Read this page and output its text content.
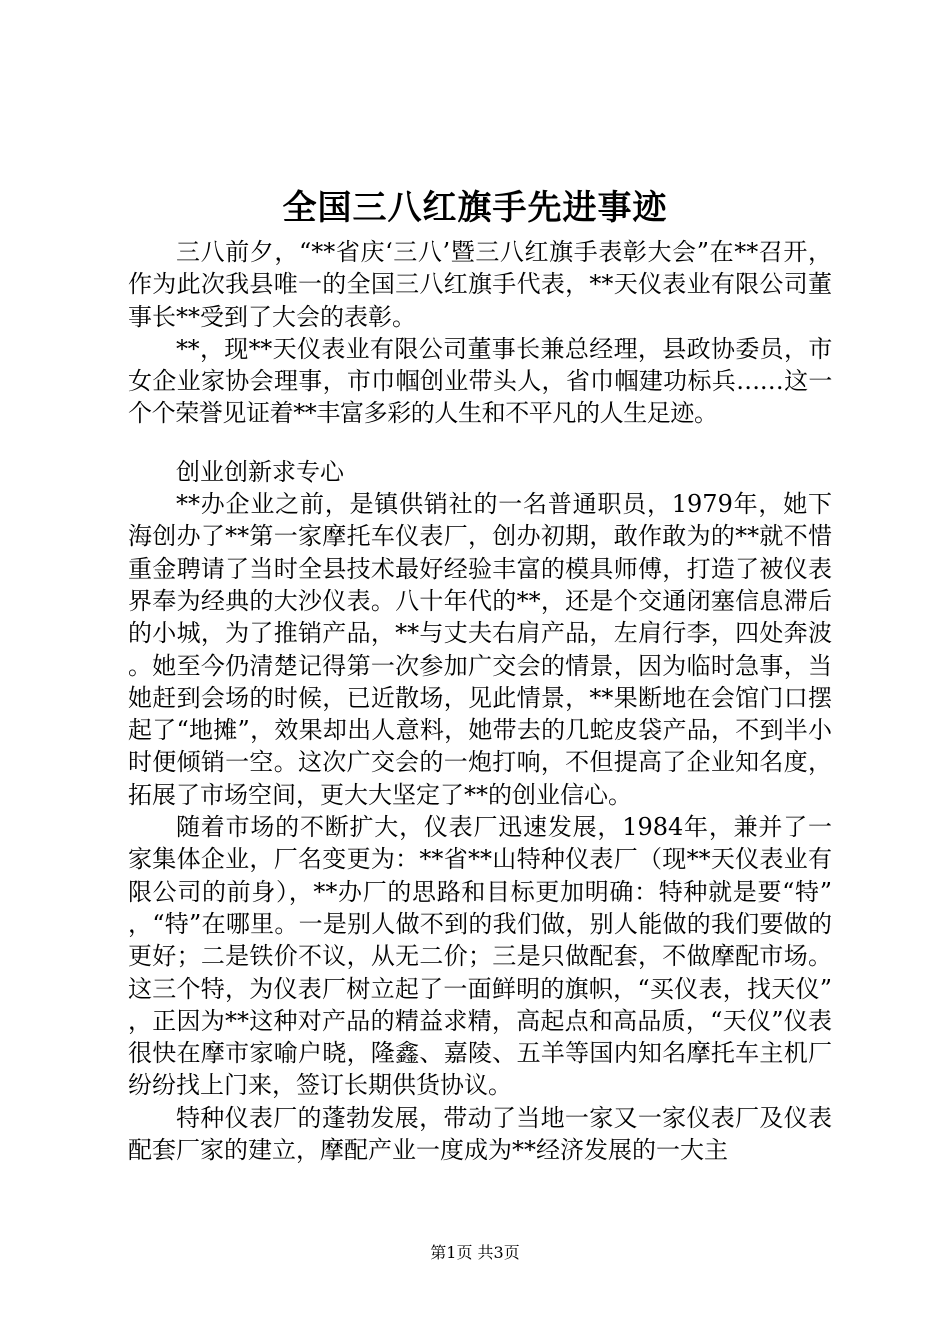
全国三八红旗手先进事迹

三八前夕，“**省庆‘三八’暨三八红旗手表彰大会”在**召开，作为此次我县唯一的全国三八红旗手代表，**天仪表业有限公司董事长**受到了大会的表彰。

**，现**天仪表业有限公司董事长兼总经理，县政协委员，市女企业家协会理事，市巾帼创业带头人，省巾帼建功标兵……这一个个荣誉见证着**丰富多彩的人生和不平凡的人生足迹。

创业创新求专心

**办企业之前，是镇供销社的一名普通职员，1979年，她下海创办了**第一家摩托车仪表厂，创办初期，敢作敢为的**就不惜重金聘请了当时全县技术最好经验丰富的模具师傅，打造了被仪表界奉为经典的大沙仪表。八十年代的**，还是个交通闭塞信息滞后的小城，为了推销产品，**与丈夫右肩产品，左肩行李，四处奔波。她至今仍清楚记得第一次参加广交会的情景，因为临时急事，当她赶到会场的时候，已近散场，见此情景，**果断地在会馆门口摆起了“地摊”，效果却出人意料，她带去的几蛇皮袋产品，不到半小时便倾销一空。这次广交会的一炮打响，不但提高了企业知名度，拓展了市场空间，更大大坚定了**的创业信心。

随着市场的不断扩大，仪表厂迅速发展，1984年，兼并了一家集体企业，厂名变更为：**省**山特种仪表厂（现**天仪表业有限公司的前身），**办厂的思路和目标更加明确：特种就是要“特”，“特”在哪里。一是别人做不到的我们做，别人能做的我们要做的更好；二是铁价不议，从无二价；三是只做配套，不做摩配市场。这三个特，为仪表厂树立起了一面鲜明的旗帜，“买仪表，找天仪”，正因为**这种对产品的精益求精，高起点和高品质，“天仪”仪表很快在摩市家喻户晓，隆鑫、嘉陵、五羊等国内知名摩托车主机厂纷纷找上门来，签订长期供货协议。

特种仪表厂的蓬勃发展，带动了当地一家又一家仪表厂及仪表配套厂家的建立，摩配产业一度成为**经济发展的一大主

第1页 共3页
